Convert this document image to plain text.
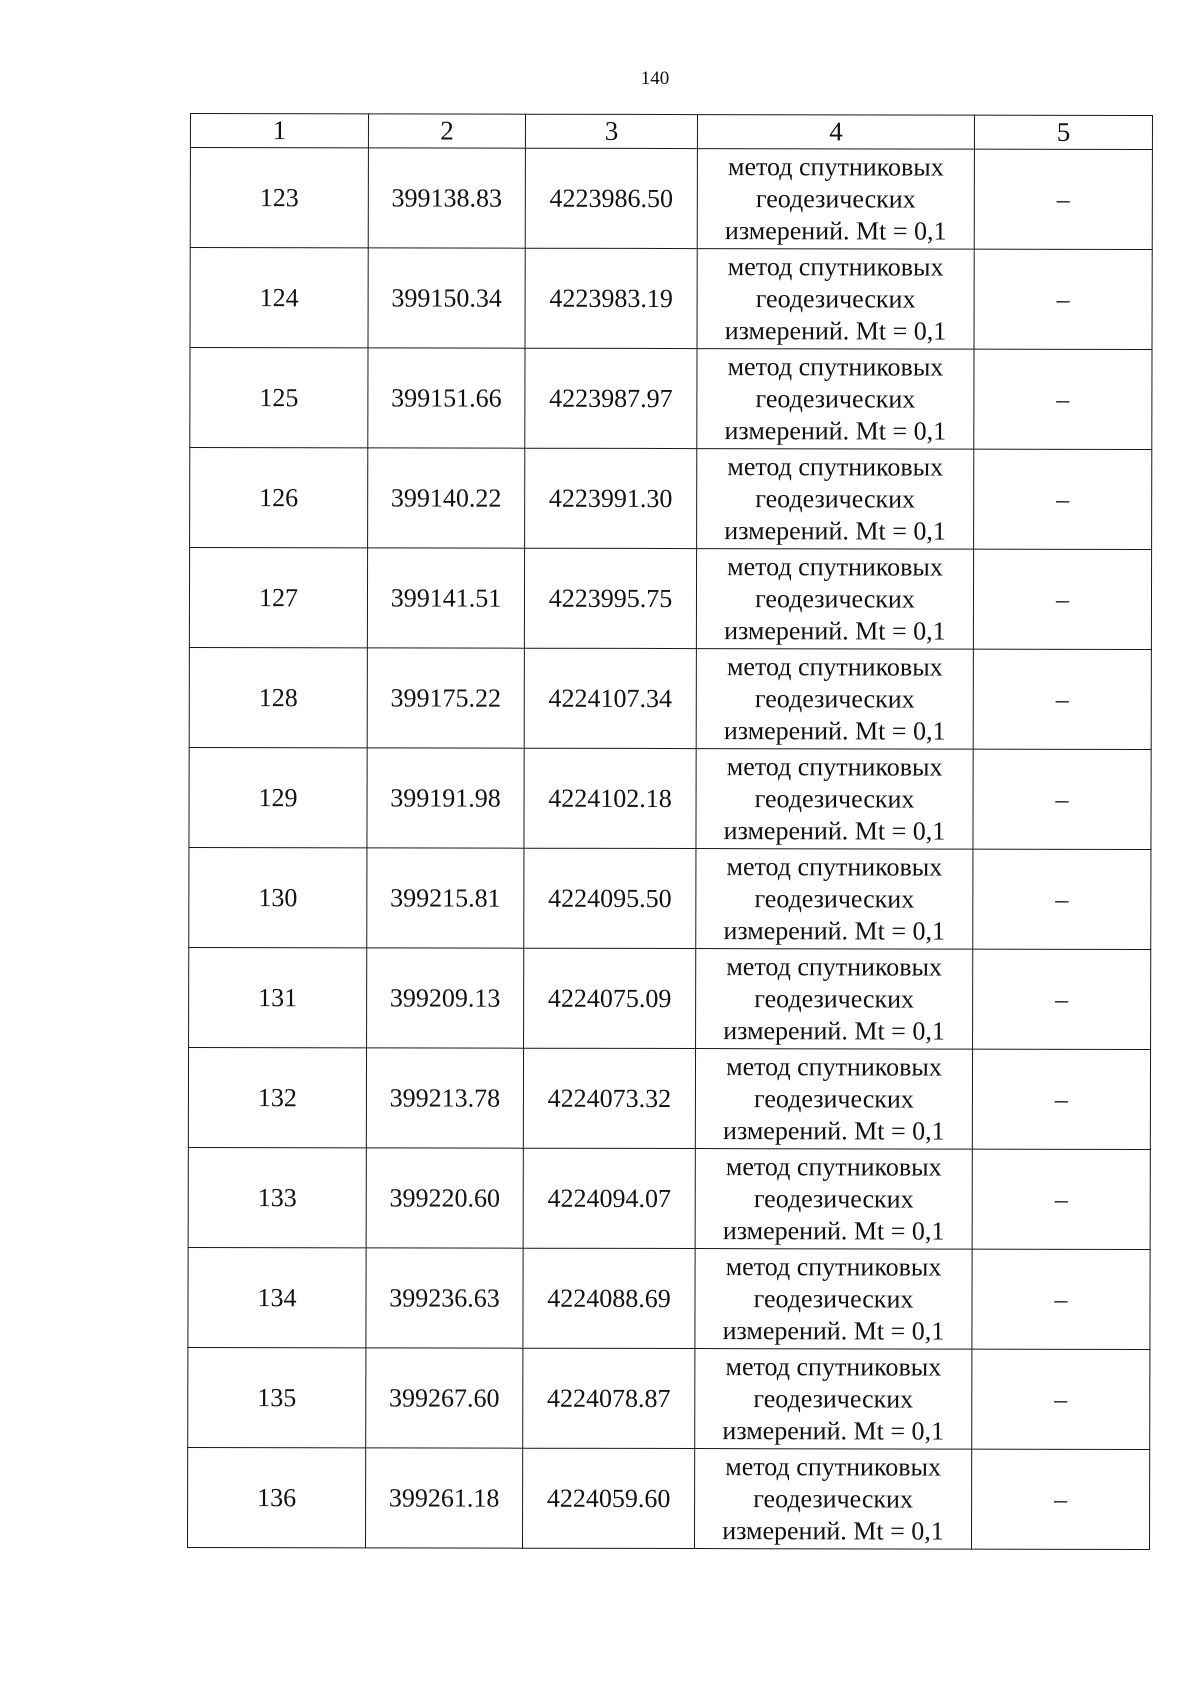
140
1	2	3	4	5
123	399138.83	4223986.50	метод спутниковых
геодезических
измерений. Mt = 0,1	–
124	399150.34	4223983.19	метод спутниковых
геодезических
измерений. Mt = 0,1	–
125	399151.66	4223987.97	метод спутниковых
геодезических
измерений. Mt = 0,1	–
126	399140.22	4223991.30	метод спутниковых
геодезических
измерений. Mt = 0,1	–
127	399141.51	4223995.75	метод спутниковых
геодезических
измерений. Mt = 0,1	–
128	399175.22	4224107.34	метод спутниковых
геодезических
измерений. Mt = 0,1	–
129	399191.98	4224102.18	метод спутниковых
геодезических
измерений. Mt = 0,1	–
130	399215.81	4224095.50	метод спутниковых
геодезических
измерений. Mt = 0,1	–
131	399209.13	4224075.09	метод спутниковых
геодезических
измерений. Mt = 0,1	–
132	399213.78	4224073.32	метод спутниковых
геодезических
измерений. Mt = 0,1	–
133	399220.60	4224094.07	метод спутниковых
геодезических
измерений. Mt = 0,1	–
134	399236.63	4224088.69	метод спутниковых
геодезических
измерений. Mt = 0,1	–
135	399267.60	4224078.87	метод спутниковых
геодезических
измерений. Mt = 0,1	–
136	399261.18	4224059.60	метод спутниковых
геодезических
измерений. Mt = 0,1	–
